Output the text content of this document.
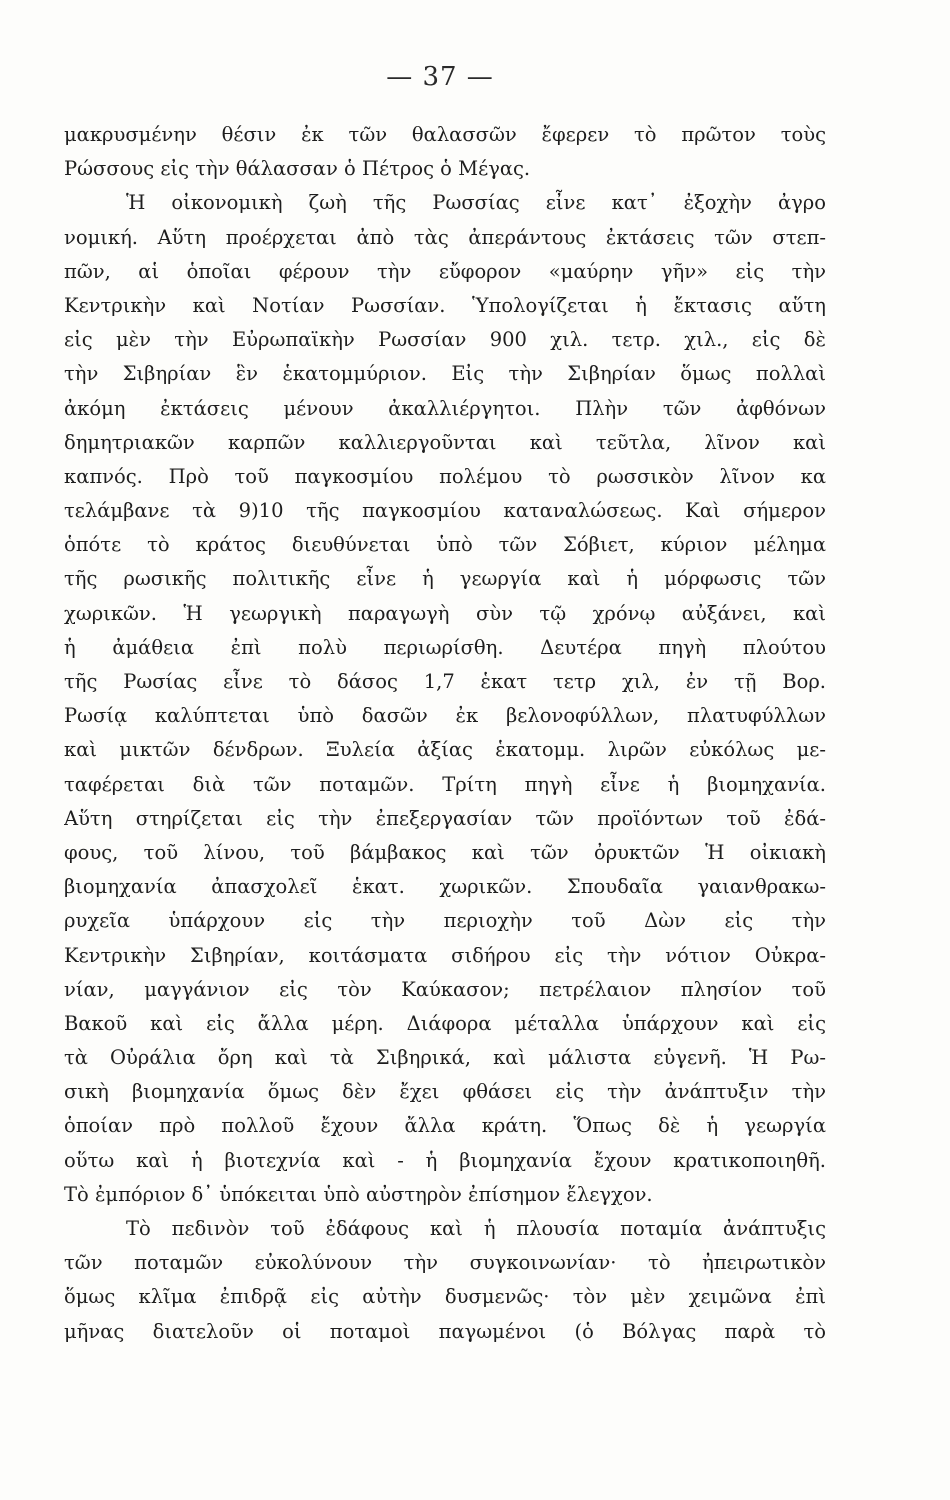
— 37 —
μακρυσμένην θέσιν ἐκ τῶν θαλασσῶν ἔφερεν τὸ πρῶτον τοὺς
Ρώσσους εἰς τὴν θάλασσαν ὁ Πέτρος ὁ Μέγας.
Ἡ οἰκονομικὴ ζωὴ τῆς Ρωσσίας εἶνε κατ᾽ ἐξοχὴν ἀγρο
νομική. Αὕτη προέρχεται ἀπὸ τὰς ἀπεράντους ἐκτάσεις τῶν στεπ-
πῶν, αἱ ὁποῖαι φέρουν τὴν εὔφορον «μαύρην γῆν» εἰς τὴν
Κεντρικὴν καὶ Νοτίαν Ρωσσίαν. Ὑπολογίζεται ἡ ἔκτασις αὕτη
εἰς μὲν τὴν Εὐρωπαϊκὴν Ρωσσίαν 900 χιλ. τετρ. χιλ., εἰς δὲ
τὴν Σιβηρίαν ἓν ἑκατομμύριον. Εἰς τὴν Σιβηρίαν ὅμως πολλαὶ
ἀκόμη ἐκτάσεις μένουν ἀκαλλιέργητοι. Πλὴν τῶν ἀφθόνων
δημητριακῶν καρπῶν καλλιεργοῦνται καὶ τεῦτλα, λῖνον καὶ
καπνός. Πρὸ τοῦ παγκοσμίου πολέμου τὸ ρωσσικὸν λῖνον κα
τελάμβανε τὰ 9)10 τῆς παγκοσμίου καταναλώσεως. Καὶ σήμερον
ὁπότε τὸ κράτος διευθύνεται ὑπὸ τῶν Σόβιετ, κύριον μέλημα
τῆς ρωσικῆς πολιτικῆς εἶνε ἡ γεωργία καὶ ἡ μόρφωσις τῶν
χωρικῶν. Ἡ γεωργικὴ παραγωγὴ σὺν τῷ χρόνῳ αὐξάνει, καὶ
ἡ ἀμάθεια ἐπὶ πολὺ περιωρίσθη. Δευτέρα πηγὴ πλούτου
τῆς Ρωσίας εἶνε τὸ δάσος 1,7 ἑκατ τετρ χιλ, ἐν τῇ Βορ.
Ρωσίᾳ καλύπτεται ὑπὸ δασῶν ἐκ βελονοφύλλων, πλατυφύλλων
καὶ μικτῶν δένδρων. Ξυλεία ἀξίας ἑκατομμ. λιρῶν εὐκόλως με-
ταφέρεται διὰ τῶν ποταμῶν. Τρίτη πηγὴ εἶνε ἡ βιομηχανία.
Αὕτη στηρίζεται εἰς τὴν ἐπεξεργασίαν τῶν προϊόντων τοῦ ἐδά-
φους, τοῦ λίνου, τοῦ βάμβακος καὶ τῶν ὀρυκτῶν Ἡ οἰκιακὴ
βιομηχανία ἀπασχολεῖ ἑκατ. χωρικῶν. Σπουδαῖα γαιανθρακω-
ρυχεῖα ὑπάρχουν εἰς τὴν περιοχὴν τοῦ Δὼν εἰς τὴν
Κεντρικὴν Σιβηρίαν, κοιτάσματα σιδήρου εἰς τὴν νότιον Οὐκρα-
νίαν, μαγγάνιον εἰς τὸν Καύκασον; πετρέλαιον πλησίον τοῦ
Βακοῦ καὶ εἰς ἄλλα μέρη. Διάφορα μέταλλα ὑπάρχουν καὶ εἰς
τὰ Οὐράλια ὄρη καὶ τὰ Σιβηρικά, καὶ μάλιστα εὐγενῆ. Ἡ Ρω-
σικὴ βιομηχανία ὅμως δὲν ἔχει φθάσει εἰς τὴν ἀνάπτυξιν τὴν
ὁποίαν πρὸ πολλοῦ ἔχουν ἄλλα κράτη. Ὅπως δὲ ἡ γεωργία
οὕτω καὶ ἡ βιοτεχνία καὶ - ἡ βιομηχανία ἔχουν κρατικοποιηθῆ.
Τὸ ἐμπόριον δ᾽ ὑπόκειται ὑπὸ αὐστηρὸν ἐπίσημον ἔλεγχον.
Τὸ πεδινὸν τοῦ ἐδάφους καὶ ἡ πλουσία ποταμία ἀνάπτυξις
τῶν ποταμῶν εὐκολύνουν τὴν συγκοινωνίαν· τὸ ἠπειρωτικὸν
ὅμως κλῖμα ἐπιδρᾷ εἰς αὐτὴν δυσμενῶς· τὸν μὲν χειμῶνα ἐπὶ
μῆνας διατελοῦν οἱ ποταμοὶ παγωμένοι (ὁ Βόλγας παρὰ τὸ
